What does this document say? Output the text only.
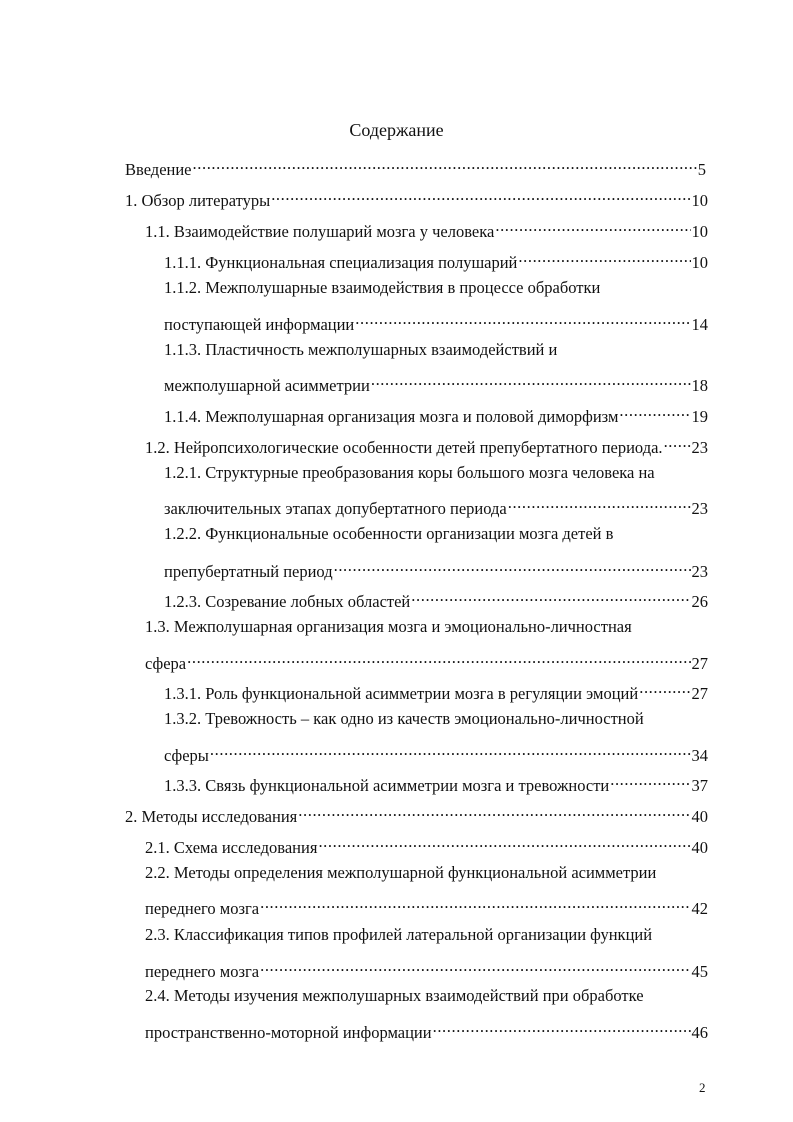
Содержание
Введение .....	5
1. Обзор литературы .....	10
1.1. Взаимодействие полушарий мозга у человека .....	10
1.1.1. Функциональная специализация полушарий .....	10
1.1.2. Межполушарные взаимодействия в процессе обработки
поступающей информации .....	14
1.1.3. Пластичность межполушарных взаимодействий и
межполушарной асимметрии .....	18
1.1.4. Межполушарная организация мозга и половой диморфизм .....	19
1.2. Нейропсихологические особенности детей препубертатного периода. ..... 23
1.2.1. Структурные преобразования коры большого мозга человека на
заключительных этапах допубертатного периода .....	23
1.2.2. Функциональные особенности организации мозга детей в
препубертатный период .....	23
1.2.3. Созревание лобных областей .....	26
1.3. Межполушарная организация мозга и эмоционально-личностная
сфера .....	27
1.3.1. Роль функциональной асимметрии мозга в регуляции эмоций .....	27
1.3.2. Тревожность – как одно из качеств эмоционально-личностной
сферы .....	34
1.3.3. Связь функциональной асимметрии мозга и тревожности .....	37
2. Методы исследования .....	40
2.1. Схема исследования .....	40
2.2. Методы определения межполушарной функциональной асимметрии
переднего мозга .....	42
2.3. Классификация типов профилей латеральной организации функций
переднего мозга .....	45
2.4. Методы изучения межполушарных взаимодействий при обработке
пространственно-моторной информации .....	46
2
